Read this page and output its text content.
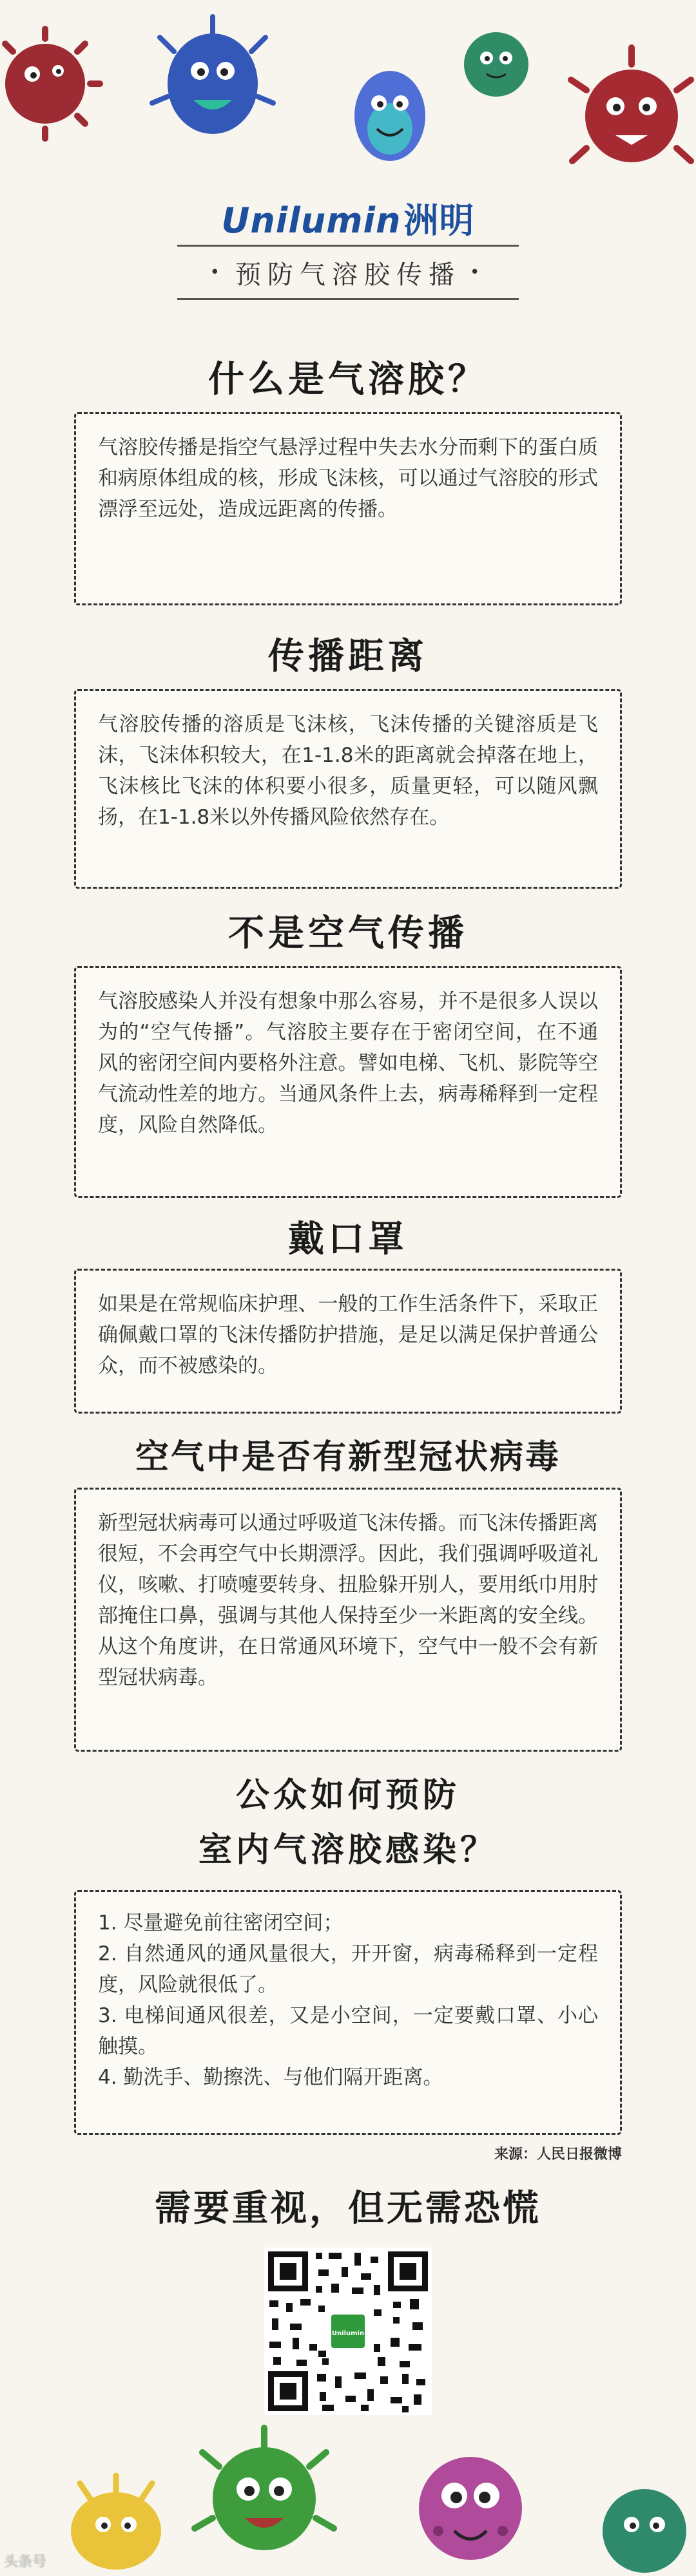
Unilumin洲明
• 预防气溶胶传播 •
什么是气溶胶？

气溶胶传播是指空气悬浮过程中失去水分而剩下的蛋白质和病原体组成的核，形成飞沫核，可以通过气溶胶的形式漂浮至远处，造成远距离的传播。

传播距离

气溶胶传播的溶质是飞沫核，飞沫传播的关键溶质是飞沫，飞沫体积较大，在1-1.8米的距离就会掉落在地上，飞沫核比飞沫的体积要小很多，质量更轻，可以随风飘扬，在1-1.8米以外传播风险依然存在。

不是空气传播

气溶胶感染人并没有想象中那么容易，并不是很多人误以为的“空气传播”。气溶胶主要存在于密闭空间，在不通风的密闭空间内要格外注意。譬如电梯、飞机、影院等空气流动性差的地方。当通风条件上去，病毒稀释到一定程度，风险自然降低。

戴口罩

如果是在常规临床护理、一般的工作生活条件下，采取正确佩戴口罩的飞沫传播防护措施，是足以满足保护普通公众，而不被感染的。

空气中是否有新型冠状病毒

新型冠状病毒可以通过呼吸道飞沫传播。而飞沫传播距离很短，不会再空气中长期漂浮。因此，我们强调呼吸道礼仪，咳嗽、打喷嚏要转身、扭脸躲开别人，要用纸巾用肘部掩住口鼻，强调与其他人保持至少一米距离的安全线。从这个角度讲，在日常通风环境下，空气中一般不会有新型冠状病毒。

公众如何预防
室内气溶胶感染？

1. 尽量避免前往密闭空间；

2. 自然通风的通风量很大，开开窗，病毒稀释到一定程度，风险就很低了。

3. 电梯间通风很差，又是小空间，一定要戴口罩、小心触摸。

4. 勤洗手、勤擦洗、与他们隔开距离。

来源：人民日报微博
需要重视，但无需恐慌
Unilumin
头条号
